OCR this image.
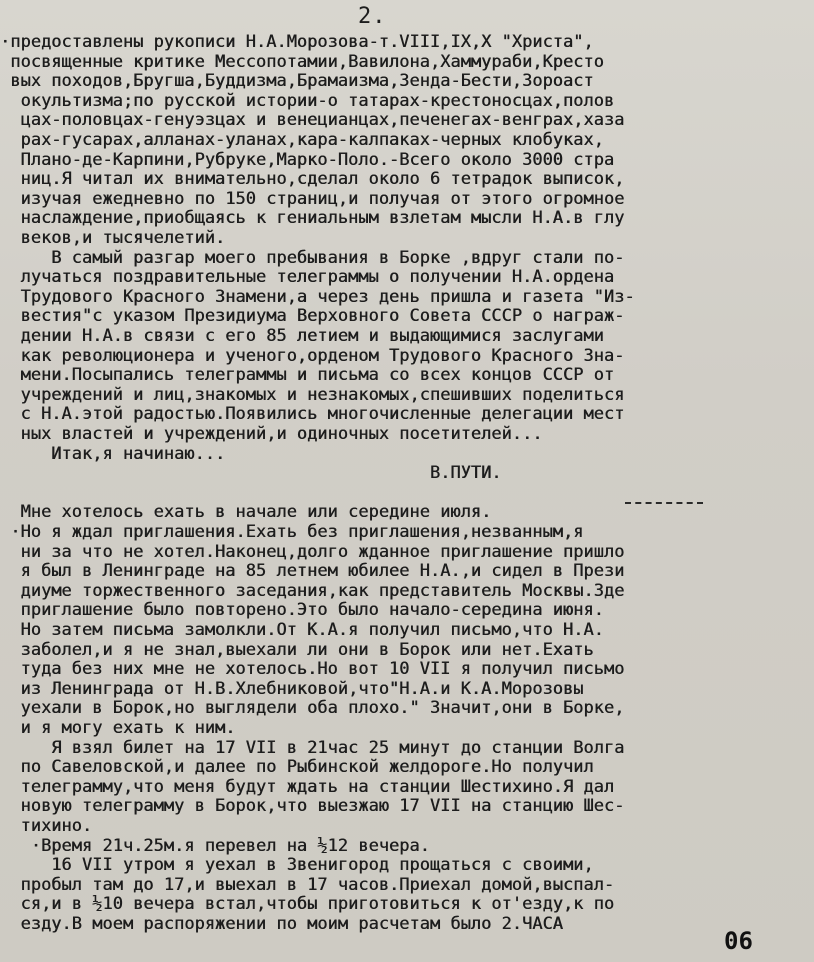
2.
·предоставлены рукописи Н.А.Морозова-т.VIII,IX,X "Христа",
посвященные критике Мессопотамии,Вавилона,Хаммураби,Кресто
вых походов,Бругша,Буддизма,Брамаизма,Зенда-Бести,Зороаст
окультизма;по русской истории-о татарах-крестоносцах,полов
цах-половцах-генуэзцах и венецианцах,печенегах-венграх,хаза
рах-гусарах,алланах-уланах,кара-калпаках-черных клобуках,
Плано-де-Карпини,Рубруке,Марко-Поло.-Всего около 3000 стра
ниц.Я читал их внимательно,сделал около 6 тетрадок выписок,
изучая ежедневно по 150 страниц,и получая от этого огромное
наслаждение,приобщаясь к гениальным взлетам мысли Н.А.в глу
веков,и тысячелетий.
В самый разгар моего пребывания в Борке ,вдруг стали по-
лучаться поздравительные телеграммы о получении Н.А.ордена
Трудового Красного Знамени,а через день пришла и газета "Из-
вестия"с указом Президиума Верховного Совета СССР о награж-
дении Н.А.в связи с его 85 летием и выдающимися заслугами
как революционера и ученого,орденом Трудового Красного Зна-
мени.Посыпались телеграммы и письма со всех концов СССР от
учреждений и лиц,знакомых и незнакомых,спешивших поделиться
с Н.А.этой радостью.Появились многочисленные делегации мест
ных властей и учреждений,и одиночных посетителей...
Итак,я начинаю...
В.ПУТИ.
Мне хотелось ехать в начале или середине июля.
·Но я ждал приглашения.Ехать без приглашения,незванным,я
ни за что не хотел.Наконец,долго жданное приглашение пришло
я был в Ленинграде на 85 летнем юбилее Н.А.,и сидел в Прези
диуме торжественного заседания,как представитель Москвы.Зде
приглашение было повторено.Это было начало-середина июня.
Но затем письма замолкли.От К.А.я получил письмо,что Н.А.
заболел,и я не знал,выехали ли они в Борок или нет.Ехать
туда без них мне не хотелось.Но вот 10 VII я получил письмо
из Ленинграда от Н.В.Хлебниковой,что"Н.А.и К.А.Морозовы
уехали в Борок,но выглядели оба плохо." Значит,они в Борке,
и я могу ехать к ним.
Я взял билет на 17 VII в 21час 25 минут до станции Волга
по Савеловской,и далее по Рыбинской желдороге.Но получил
телеграмму,что меня будут ждать на станции Шестихино.Я дал
новую телеграмму в Борок,что выезжаю 17 VII на станцию Шес-
тихино.
·Время 21ч.25м.я перевел на ½12 вечера.
16 VII утром я уехал в Звенигород прощаться с своими,
пробыл там до 17,и выехал в 17 часов.Приехал домой,выспал-
ся,и в ½10 вечера встал,чтобы приготовиться к от'езду,к по
езду.В моем распоряжении по моим расчетам было 2.ЧАСА
06
